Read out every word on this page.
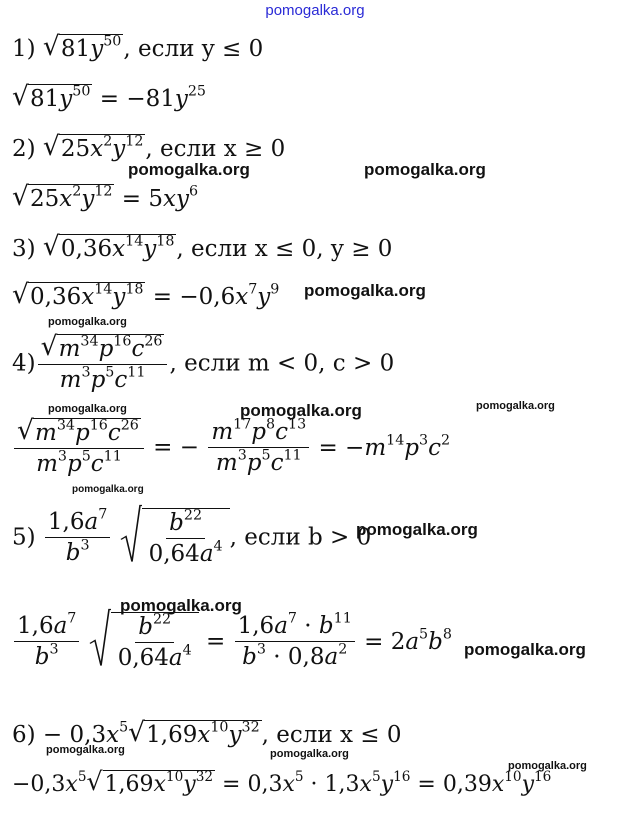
pomogalka.org
1) √ $81y^{50}$, если y ≤ 0
√ $81y^{50} = -81y^{25}$
2) √ $25x^2y^{12}$, если x ≥ 0
√ $25x^2y^{12} = 5xy^6$
3) √ $0,36x^{14}y^{18}$, если x ≤ 0, y ≥ 0
√ $0,36x^{14}y^{18} = -0,6x^7y^9$
4)
√ $\frac{m^{34}p^{16}c^{26}}{m^3p^5c^{11}}$ , если m < 0, c > 0
√ $\frac{m^{34}p^{16}c^{26}}{m^3p^5c^{11}}$ = − $\frac{m^{17}p^8c^{13}}{m^3p^5c^{11}} = -m^{14}p^3c^2$
$5) \frac{1,6a^7}{b^3}$
$\frac{b^{22}}{0,64a^4}$ , если b > 0
$\frac{1,6a^7}{b^3}$
$\frac{b^{22}}{0,64a^4} = \frac{1,6a^7 \cdot b^{11}}{b^3 \cdot 0,8a^2} = 2a^5b^8$
$6) - 0,3x^5√$ $1,69x^{10}y^{32}$, если x ≤ 0
$-0,3x^5√$ $1,69x^{10}y^{32} = 0,3x^5 \cdot 1,3x^5y^{16} = 0,39x^{10}y^{16}$
pomogalka.org	pomogalka.org
pomogalka.org
pomogalka.org
pomogalka.org	pomogalka.org	pomogalka.org
pomogalka.org
pomogalka.org
pomogalka.org
pomogalka.org
pomogalka.org	pomogalka.org
pomogalka.org
